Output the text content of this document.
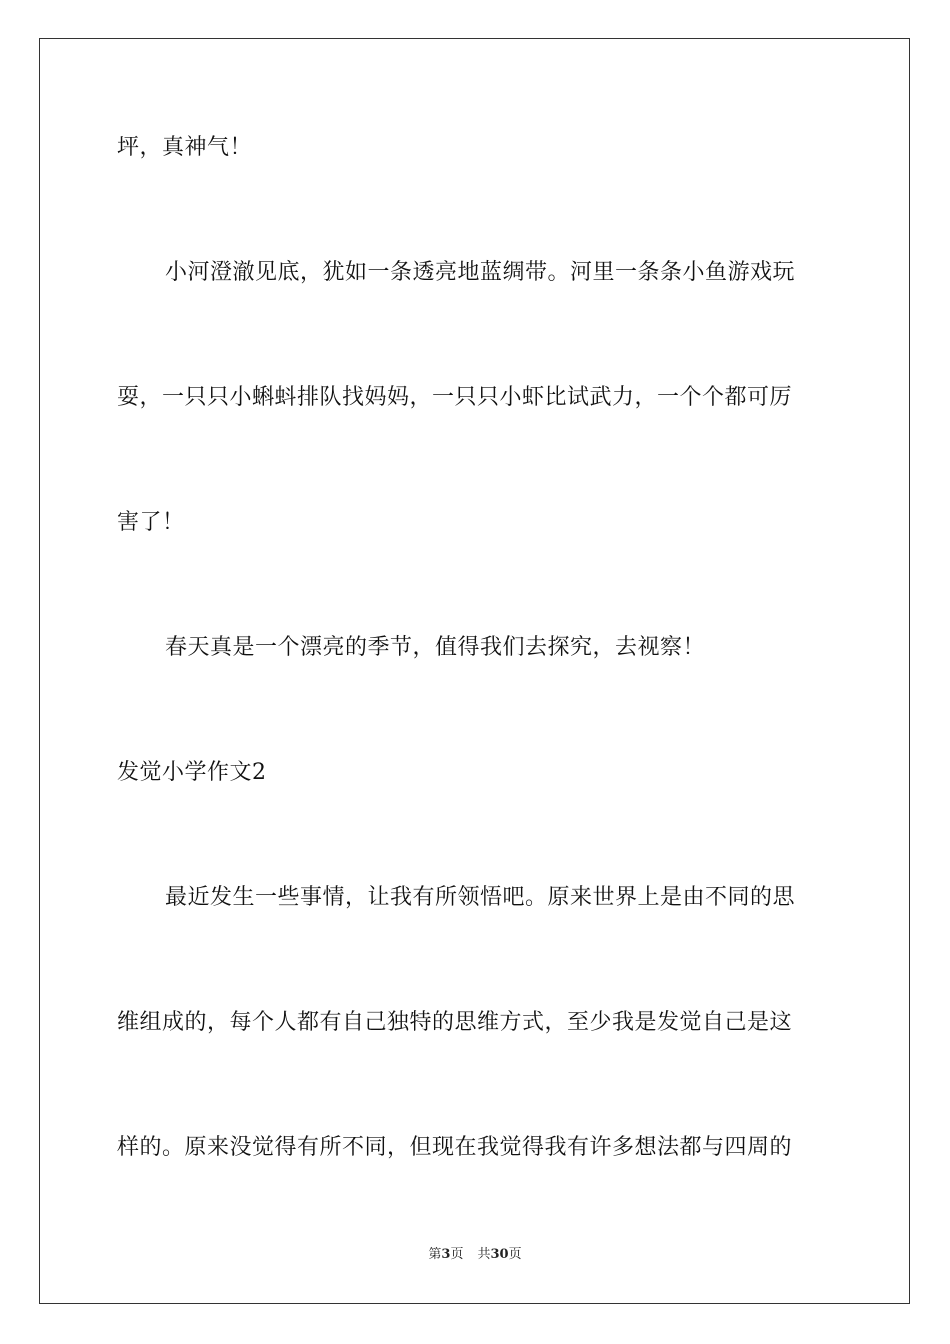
坪，真神气！
小河澄澈见底，犹如一条透亮地蓝绸带。河里一条条小鱼游戏玩
耍，一只只小蝌蚪排队找妈妈，一只只小虾比试武力，一个个都可厉
害了！
春天真是一个漂亮的季节，值得我们去探究，去视察！
发觉小学作文2
最近发生一些事情，让我有所领悟吧。原来世界上是由不同的思
维组成的，每个人都有自己独特的思维方式，至少我是发觉自己是这
样的。原来没觉得有所不同，但现在我觉得我有许多想法都与四周的
第3页 共30页
